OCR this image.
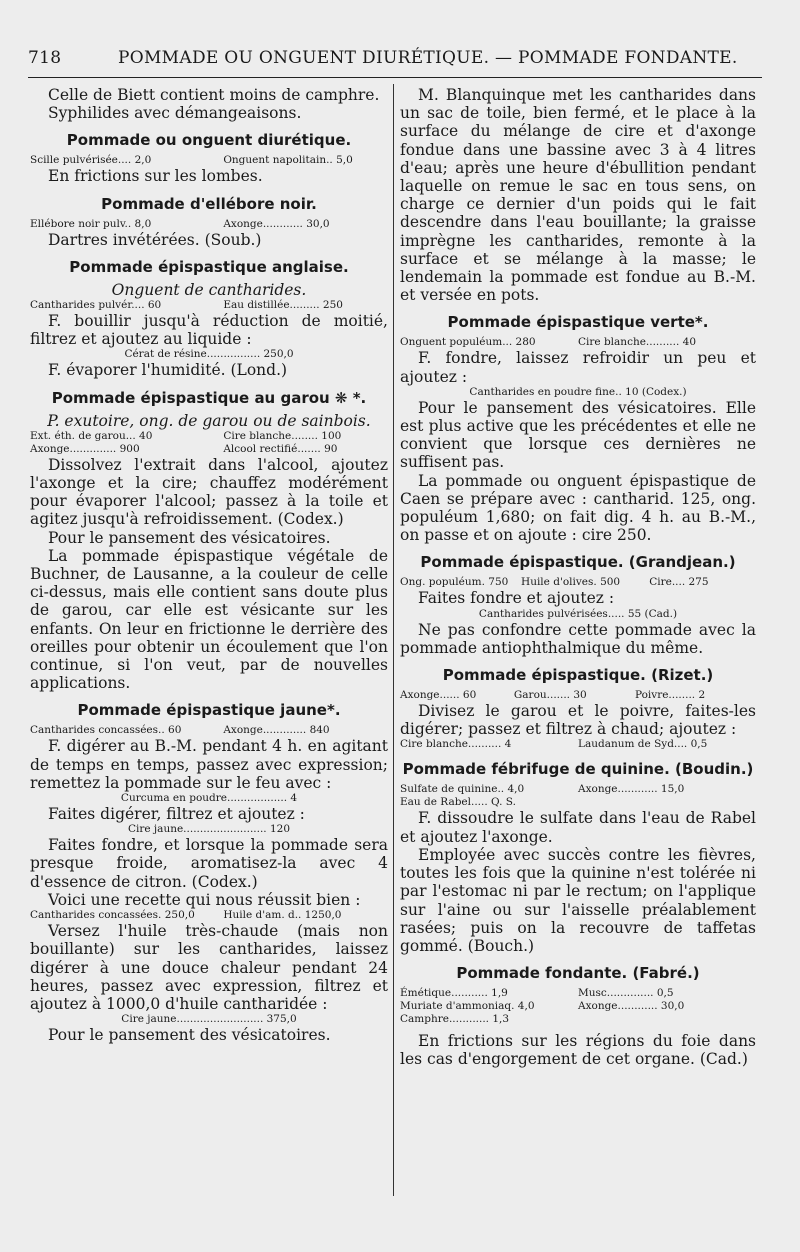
718	POMMADE OU ONGUENT DIURÉTIQUE. — POMMADE FONDANTE.

Celle de Biett contient moins de camphre.

Syphilides avec démangeaisons.

Pommade ou onguent diurétique.
Scille pulvérisée.... 2,0	Onguent napolitain.. 5,0

En frictions sur les lombes.

Pommade d'ellébore noir.
Ellébore noir pulv.. 8,0	Axonge............ 30,0

Dartres invétérées. (Soub.)

Pommade épispastique anglaise.

Onguent de cantharides.

Cantharides pulvér.... 60	Eau distillée......... 250

F. bouillir jusqu'à réduction de moitié, filtrez et ajoutez au liquide :

Cérat de résine................ 250,0

F. évaporer l'humidité. (Lond.)

Pommade épispastique au garou ❋ *.

P. exutoire, ong. de garou ou de sainbois.

Ext. éth. de garou... 40	Cire blanche........ 100
Axonge.............. 900	Alcool rectifié....... 90

Dissolvez l'extrait dans l'alcool, ajoutez l'axonge et la cire; chauffez modérément pour évaporer l'alcool; passez à la toile et agitez jusqu'à refroidissement. (Codex.)

Pour le pansement des vésicatoires.

La pommade épispastique végétale de Buchner, de Lausanne, a la couleur de celle ci-dessus, mais elle contient sans doute plus de garou, car elle est vésicante sur les enfants. On leur en frictionne le derrière des oreilles pour obtenir un écoulement que l'on continue, si l'on veut, par de nouvelles applications.

Pommade épispastique jaune*.
Cantharides concassées.. 60	Axonge............. 840

F. digérer au B.-M. pendant 4 h. en agitant de temps en temps, passez avec expression; remettez la pommade sur le feu avec :

Curcuma en poudre.................. 4

Faites digérer, filtrez et ajoutez :

Cire jaune......................... 120

Faites fondre, et lorsque la pommade sera presque froide, aromatisez-la avec 4 d'essence de citron. (Codex.)

Voici une recette qui nous réussit bien :

Cantharides concassées. 250,0	Huile d'am. d.. 1250,0

Versez l'huile très-chaude (mais non bouillante) sur les cantharides, laissez digérer à une douce chaleur pendant 24 heures, passez avec expression, filtrez et ajoutez à 1000,0 d'huile cantharidée :

Cire jaune.......................... 375,0

Pour le pansement des vésicatoires.

M. Blanquinque met les cantharides dans un sac de toile, bien fermé, et le place à la surface du mélange de cire et d'axonge fondue dans une bassine avec 3 à 4 litres d'eau; après une heure d'ébullition pendant laquelle on remue le sac en tous sens, on charge ce dernier d'un poids qui le fait descendre dans l'eau bouillante; la graisse imprègne les cantharides, remonte à la surface et se mélange à la masse; le lendemain la pommade est fondue au B.-M. et versée en pots.

Pommade épispastique verte*.
Onguent populéum... 280	Cire blanche.......... 40

F. fondre, laissez refroidir un peu et ajoutez :

Cantharides en poudre fine.. 10 (Codex.)

Pour le pansement des vésicatoires. Elle est plus active que les précédentes et elle ne convient que lorsque ces dernières ne suffisent pas.

La pommade ou onguent épispastique de Caen se prépare avec : cantharid. 125, ong. populéum 1,680; on fait dig. 4 h. au B.-M., on passe et on ajoute : cire 250.

Pommade épispastique. (Grandjean.)
Ong. populéum. 750 Huile d'olives. 500	Cire.... 275

Faites fondre et ajoutez :

Cantharides pulvérisées..... 55 (Cad.)

Ne pas confondre cette pommade avec la pommade antiophthalmique du même.

Pommade épispastique. (Rizet.)
Axonge...... 60	Garou....... 30	Poivre........ 2

Divisez le garou et le poivre, faites-les digérer; passez et filtrez à chaud; ajoutez :

Cire blanche.......... 4	Laudanum de Syd.... 0,5
Pommade fébrifuge de quinine. (Boudin.)
Sulfate de quinine.. 4,0	Axonge............ 15,0
Eau de Rabel..... Q. S.

F. dissoudre le sulfate dans l'eau de Rabel et ajoutez l'axonge.

Employée avec succès contre les fièvres, toutes les fois que la quinine n'est tolérée ni par l'estomac ni par le rectum; on l'applique sur l'aine ou sur l'aisselle préalablement rasées; puis on la recouvre de taffetas gommé. (Bouch.)

Pommade fondante. (Fabré.)
Émétique........... 1,9	Musc.............. 0,5
Muriate d'ammoniaq. 4,0	Axonge............ 30,0
Camphre............ 1,3

En frictions sur les régions du foie dans les cas d'engorgement de cet organe. (Cad.)
